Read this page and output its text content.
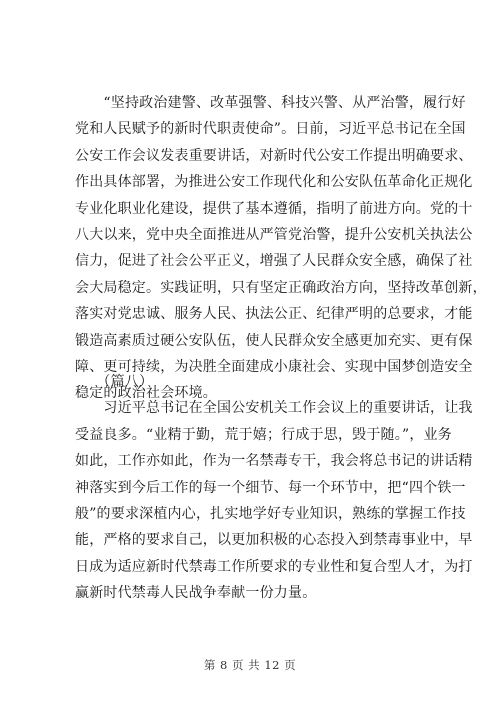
　　“坚持政治建警、改革强警、科技兴警、从严治警，履行好
党和人民赋予的新时代职责使命”。日前，习近平总书记在全国
公安工作会议发表重要讲话，对新时代公安工作提出明确要求、
作出具体部署，为推进公安工作现代化和公安队伍革命化正规化
专业化职业化建设，提供了基本遵循，指明了前进方向。党的十
八大以来，党中央全面推进从严管党治警，提升公安机关执法公
信力，促进了社会公平正义，增强了人民群众安全感，确保了社
会大局稳定。实践证明，只有坚定正确政治方向，坚持改革创新，
落实对党忠诚、服务人民、执法公正、纪律严明的总要求，才能
锻造高素质过硬公安队伍，使人民群众安全感更加充实、更有保
障、更可持续，为决胜全面建成小康社会、实现中国梦创造安全
稳定的政治社会环境。
　　（篇八）
　　习近平总书记在全国公安机关工作会议上的重要讲话，让我
受益良多。“业精于勤，荒于嬉；行成于思，毁于随。”，业务
如此，工作亦如此，作为一名禁毒专干，我会将总书记的讲话精
神落实到今后工作的每一个细节、每一个环节中，把“四个铁一
般”的要求深植内心，扎实地学好专业知识，熟练的掌握工作技
能，严格的要求自己，以更加积极的心态投入到禁毒事业中，早
日成为适应新时代禁毒工作所要求的专业性和复合型人才，为打
赢新时代禁毒人民战争奉献一份力量。
第 8 页 共 12 页
